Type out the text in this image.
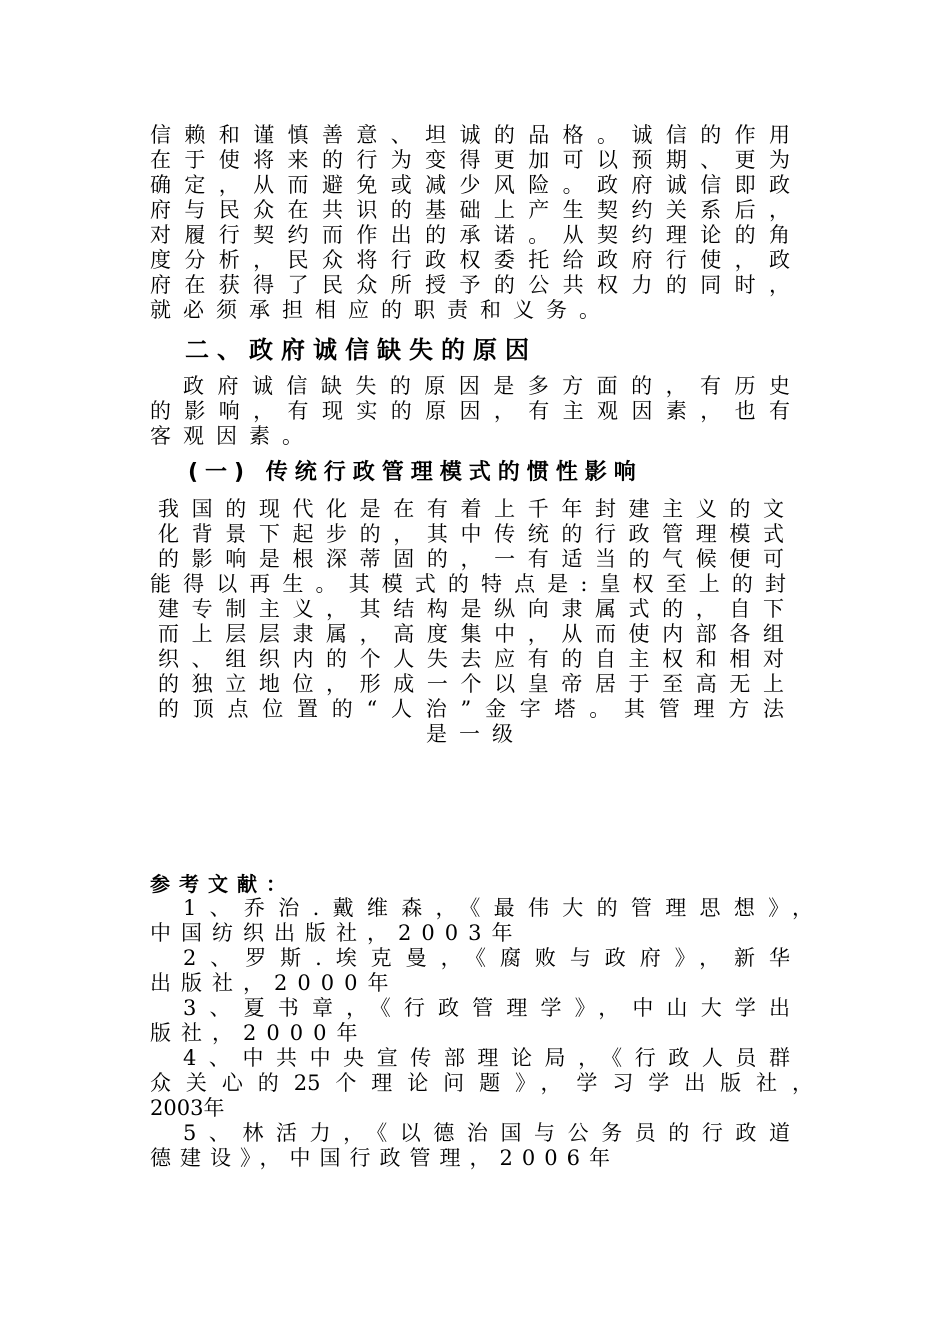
信赖和谨慎善意、坦诚的品格。诚信的作用
在于使将来的行为变得更加可以预期、更为
确定，从而避免或减少风险。政府诚信即政
府与民众在共识的基础上产生契约关系后，
对履行契约而作出的承诺。从契约理论的角
度分析，民众将行政权委托给政府行使，政
府在获得了民众所授予的公共权力的同时，
就必须承担相应的职责和义务。
二、政府诚信缺失的原因
政府诚信缺失的原因是多方面的，有历史
的影响，有现实的原因，有主观因素，也有
客观因素。
(一) 传统行政管理模式的惯性影响
我国的现代化是在有着上千年封建主义的文
化背景下起步的，其中传统的行政管理模式
的影响是根深蒂固的，一有适当的气候便可
能得以再生。其模式的特点是:皇权至上的封
建专制主义，其结构是纵向隶属式的，自下
而上层层隶属，高度集中，从而使内部各组
织、组织内的个人失去应有的自主权和相对
的独立地位，形成一个以皇帝居于至高无上
的顶点位置的“人治”金字塔。其管理方法
是一级
参考文献：
1、乔治.戴维森，《最伟大的管理思想》，
中国纺织出版社，2003年
2、罗斯.埃克曼，《腐败与政府》，新华
出版社，2000年
3、夏书章，《行政管理学》，中山大学出
版社，2000年
4、中共中央宣传部理论局，《行政人员群
众关心的25个理论问题》，学习学出版社，
2003年
5、林活力，《以德治国与公务员的行政道
德建设》，中国行政管理，2006年
